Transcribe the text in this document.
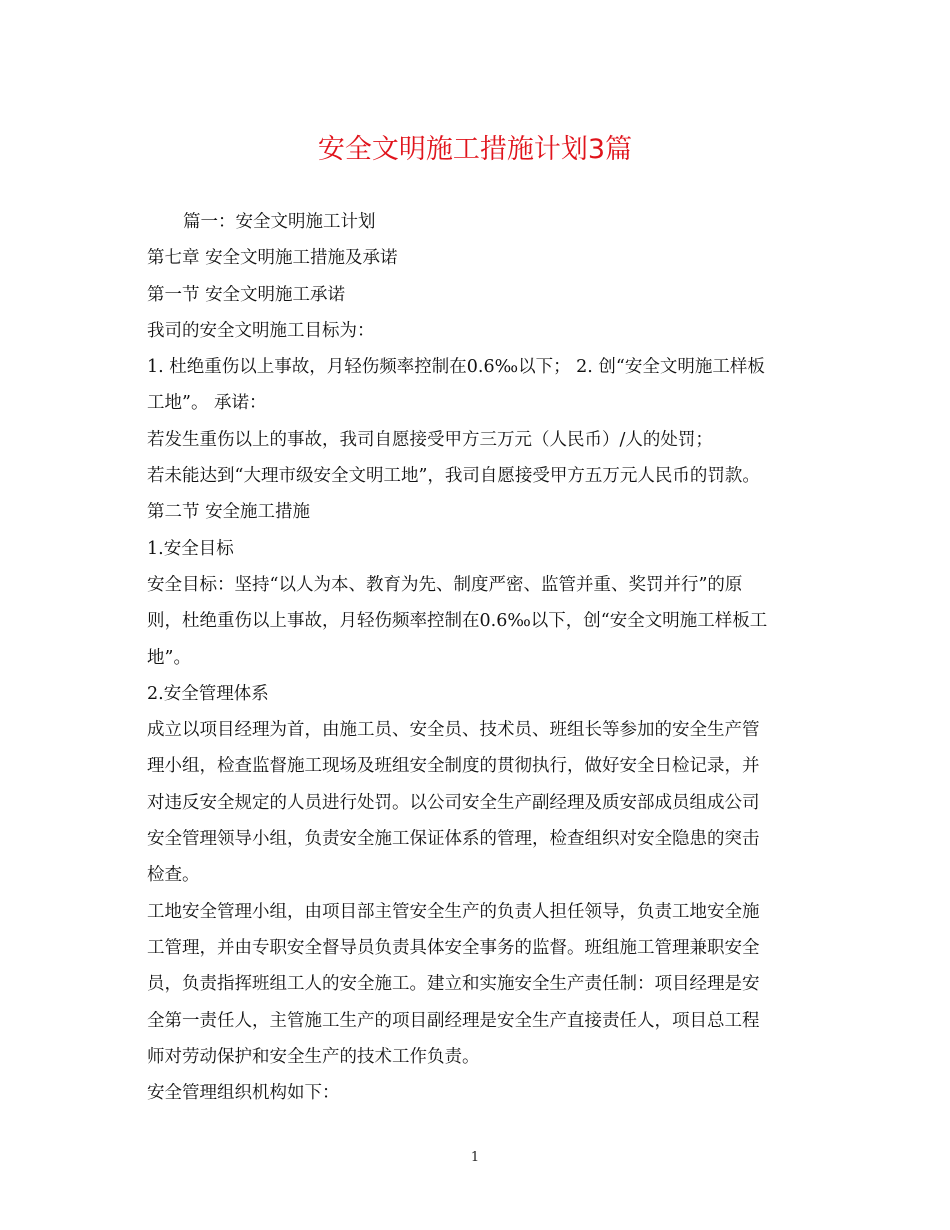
安全文明施工措施计划3篇

篇一：安全文明施工计划

第七章 安全文明施工措施及承诺

第一节 安全文明施工承诺

我司的安全文明施工目标为：

1. 杜绝重伤以上事故，月轻伤频率控制在0.6‰以下； 2. 创“安全文明施工样板

工地”。 承诺：

若发生重伤以上的事故，我司自愿接受甲方三万元（人民币）/人的处罚；

若未能达到“大理市级安全文明工地”，我司自愿接受甲方五万元人民币的罚款。

第二节 安全施工措施

1.安全目标

安全目标：坚持“以人为本、教育为先、制度严密、监管并重、奖罚并行”的原

则，杜绝重伤以上事故，月轻伤频率控制在0.6‰以下，创“安全文明施工样板工

地”。

2.安全管理体系

成立以项目经理为首，由施工员、安全员、技术员、班组长等参加的安全生产管

理小组，检查监督施工现场及班组安全制度的贯彻执行，做好安全日检记录，并

对违反安全规定的人员进行处罚。以公司安全生产副经理及质安部成员组成公司

安全管理领导小组，负责安全施工保证体系的管理，检查组织对安全隐患的突击

检查。

工地安全管理小组，由项目部主管安全生产的负责人担任领导，负责工地安全施

工管理，并由专职安全督导员负责具体安全事务的监督。班组施工管理兼职安全

员，负责指挥班组工人的安全施工。建立和实施安全生产责任制：项目经理是安

全第一责任人，主管施工生产的项目副经理是安全生产直接责任人，项目总工程

师对劳动保护和安全生产的技术工作负责。

安全管理组织机构如下：

1
